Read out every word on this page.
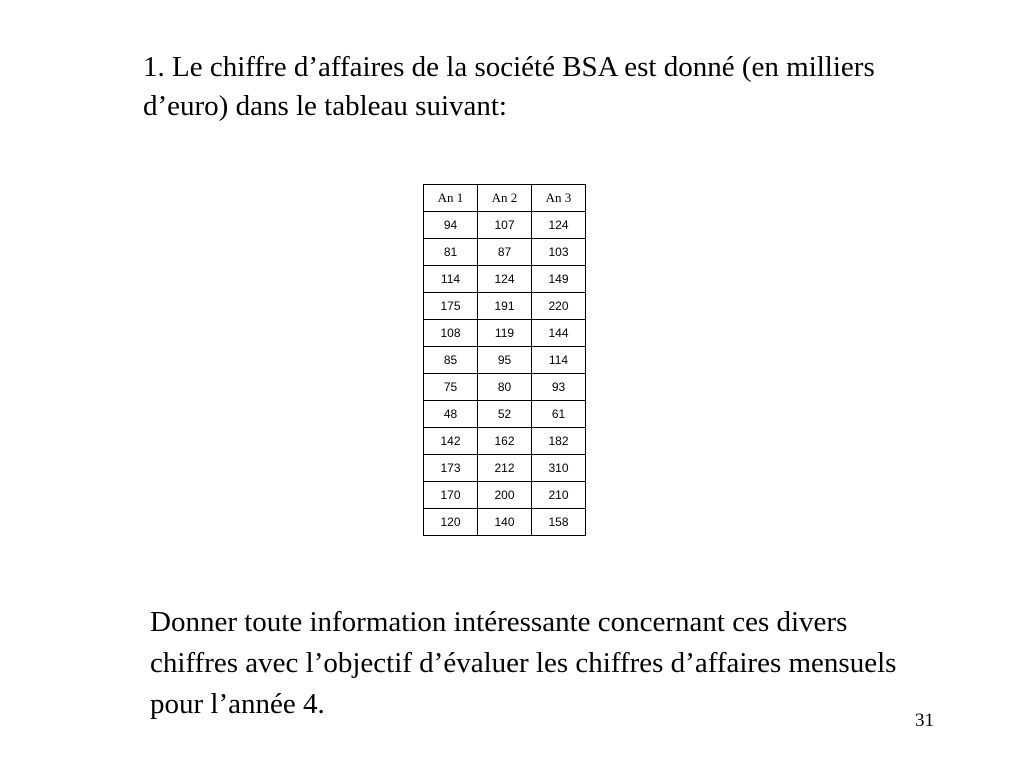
1. Le chiffre d’affaires de la société BSA est donné (en milliers d’euro) dans le tableau suivant:

An 1	An 2	An 3
94	107	124
81	87	103
114	124	149
175	191	220
108	119	144
85	95	114
75	80	93
48	52	61
142	162	182
173	212	310
170	200	210
120	140	158

Donner toute information intéressante concernant ces divers chiffres avec l’objectif d’évaluer les chiffres d’affaires mensuels pour l’année 4.

31
